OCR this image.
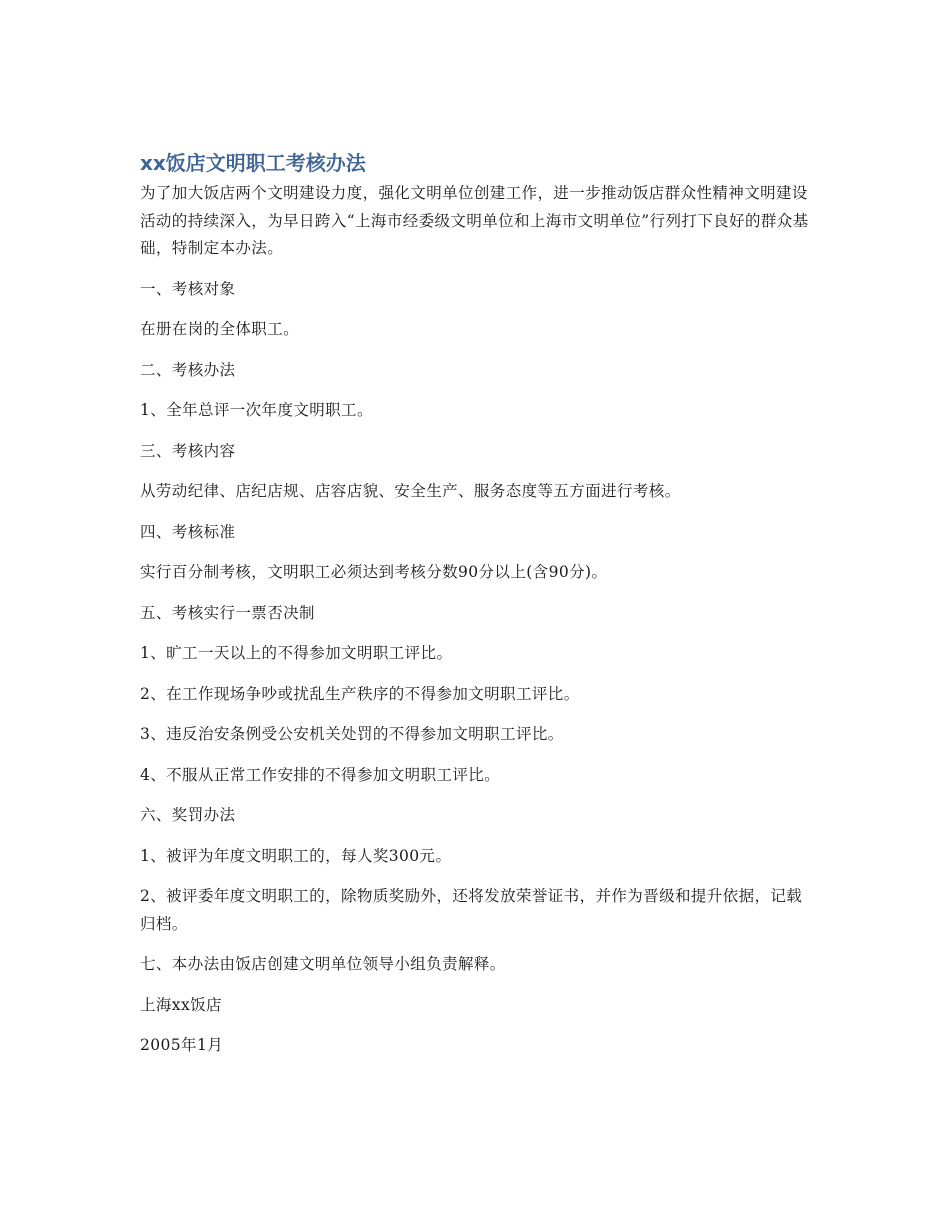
xx饭店文明职工考核办法

为了加大饭店两个文明建设力度，强化文明单位创建工作，进一步推动饭店群众性精神文明建设活动的持续深入，为早日跨入“上海市经委级文明单位和上海市文明单位”行列打下良好的群众基础，特制定本办法。

一、考核对象

在册在岗的全体职工。

二、考核办法

1、全年总评一次年度文明职工。

三、考核内容

从劳动纪律、店纪店规、店容店貌、安全生产、服务态度等五方面进行考核。

四、考核标准

实行百分制考核，文明职工必须达到考核分数90分以上(含90分)。

五、考核实行一票否决制

1、旷工一天以上的不得参加文明职工评比。

2、在工作现场争吵或扰乱生产秩序的不得参加文明职工评比。

3、违反治安条例受公安机关处罚的不得参加文明职工评比。

4、不服从正常工作安排的不得参加文明职工评比。

六、奖罚办法

1、被评为年度文明职工的，每人奖300元。

2、被评委年度文明职工的，除物质奖励外，还将发放荣誉证书，并作为晋级和提升依据，记载归档。

七、本办法由饭店创建文明单位领导小组负责解释。

上海xx饭店

2005年1月
